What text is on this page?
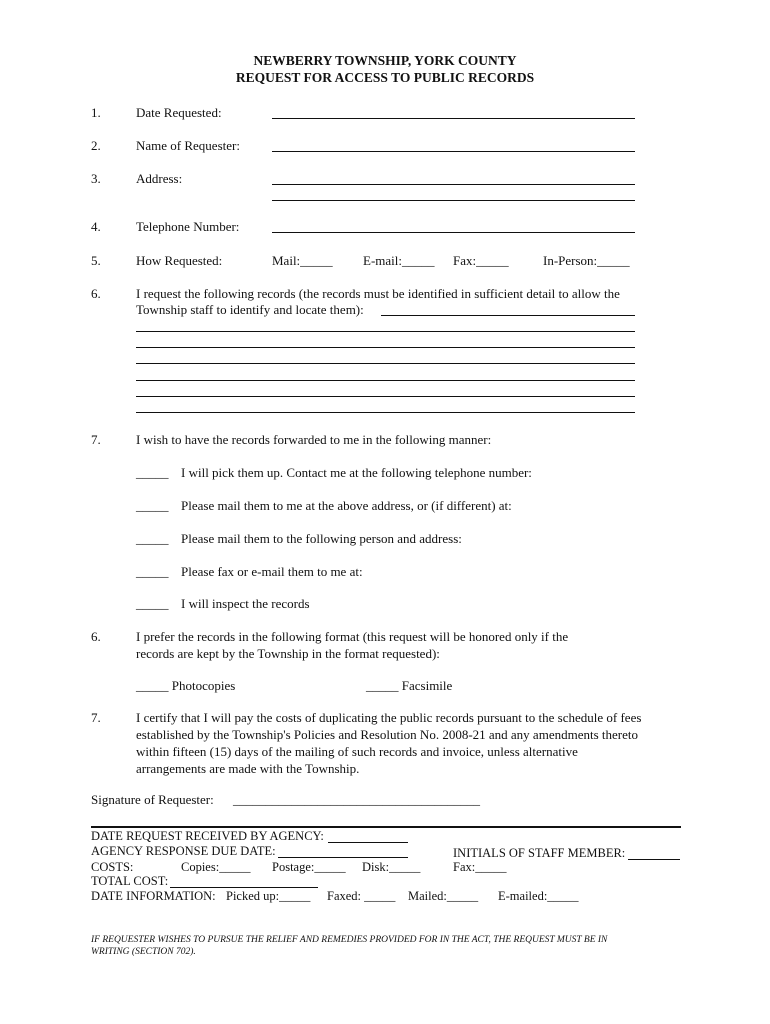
NEWBERRY TOWNSHIP, YORK COUNTY
REQUEST FOR ACCESS TO PUBLIC RECORDS
1.	Date Requested:
2.	Name of Requester:
3.	Address:
4.	Telephone Number:
5.	How Requested:	Mail:_____ E-mail:_____ Fax:_____	In-Person:_____
6.	I request the following records (the records must be identified in sufficient detail to allow the
Township staff to identify and locate them):
7.	I wish to have the records forwarded to me in the following manner:
_____ I will pick them up. Contact me at the following telephone number:
_____ Please mail them to me at the above address, or (if different) at:
_____ Please mail them to the following person and address:
_____ Please fax or e-mail them to me at:
_____ I will inspect the records
6.	I prefer the records in the following format (this request will be honored only if the
records are kept by the Township in the format requested):
_____ Photocopies	_____ Facsimile
7.	I certify that I will pay the costs of duplicating the public records pursuant to the schedule of fees
established by the Township's Policies and Resolution No. 2008-21 and any amendments thereto
within fifteen (15) days of the mailing of such records and invoice, unless alternative
arrangements are made with the Township.
Signature of Requester: ______________________________________
DATE REQUEST RECEIVED BY AGENCY:
AGENCY RESPONSE DUE DATE:	INITIALS OF STAFF MEMBER:
COSTS:	Copies:_____ Postage:_____ Disk:_____	Fax:_____
TOTAL COST:
DATE INFORMATION: Picked up:_____ Faxed: _____ Mailed:_____ E-mailed:_____
IF REQUESTER WISHES TO PURSUE THE RELIEF AND REMEDIES PROVIDED FOR IN THE ACT, THE REQUEST MUST BE IN
WRITING (SECTION 702).
